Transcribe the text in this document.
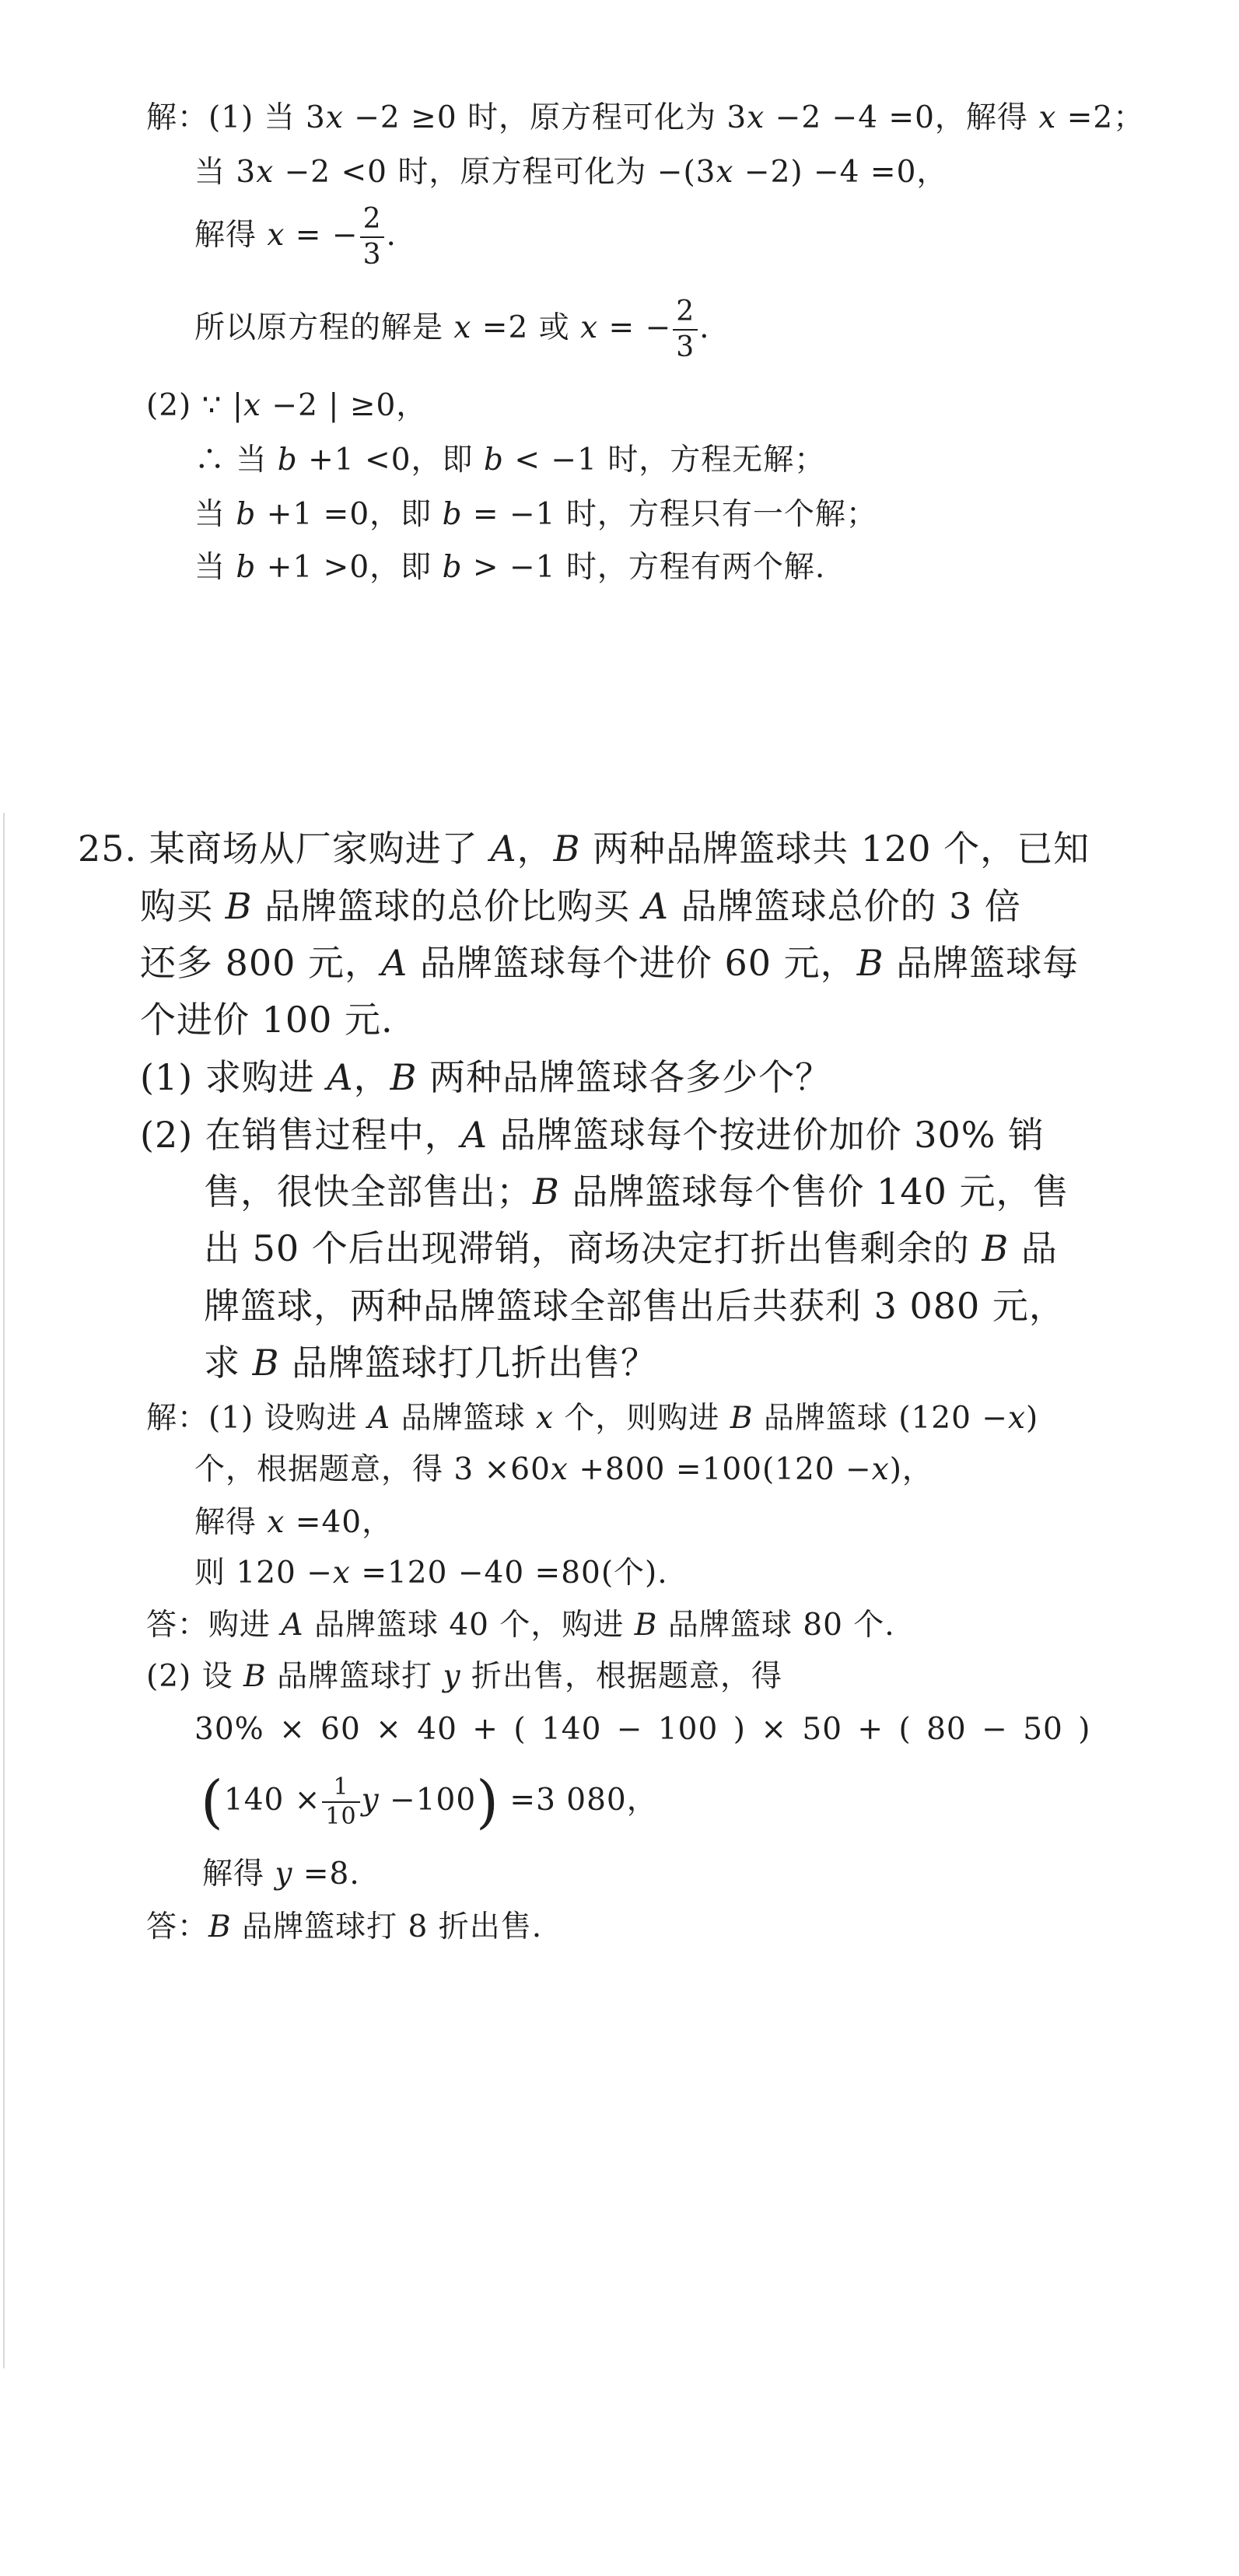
解：(1) 当 3x −2 ≥0 时，原方程可化为 3x −2 −4 =0，解得 x =2；
当 3x −2 <0 时，原方程可化为 −(3x −2) −4 =0，
解得 x = − $\frac{2}{3}$ .
所以原方程的解是 x =2 或 x = − $\frac{2}{3}$ .
(2) ∵ |x −2 | ≥0，
∴ 当 b +1 <0，即 b < −1 时，方程无解；
当 b +1 =0，即 b = −1 时，方程只有一个解；
当 b +1 >0，即 b > −1 时，方程有两个解.
25. 某商场从厂家购进了 A，B 两种品牌篮球共 120 个，已知
购买 B 品牌篮球的总价比购买 A 品牌篮球总价的 3 倍
还多 800 元，A 品牌篮球每个进价 60 元，B 品牌篮球每
个进价 100 元.
(1) 求购进 A，B 两种品牌篮球各多少个？
(2) 在销售过程中，A 品牌篮球每个按进价加价 30% 销
售，很快全部售出；B 品牌篮球每个售价 140 元，售
出 50 个后出现滞销，商场决定打折出售剩余的 B 品
牌篮球，两种品牌篮球全部售出后共获利 3 080 元，
求 B 品牌篮球打几折出售？
解：(1) 设购进 A 品牌篮球 x 个，则购进 B 品牌篮球 (120 −x)
个，根据题意，得 3 ×60x +800 =100(120 −x)，
解得 x =40，
则 120 −x =120 −40 =80(个).
答：购进 A 品牌篮球 40 个，购进 B 品牌篮球 80 个.
(2) 设 B 品牌篮球打 y 折出售，根据题意，得
30% × 60 × 40 + ( 140 − 100 ) × 50 + ( 80 − 50 )
($140 \times \frac{1}{10}$ y −100) =3 080，
解得 y =8.
答：B 品牌篮球打 8 折出售.
